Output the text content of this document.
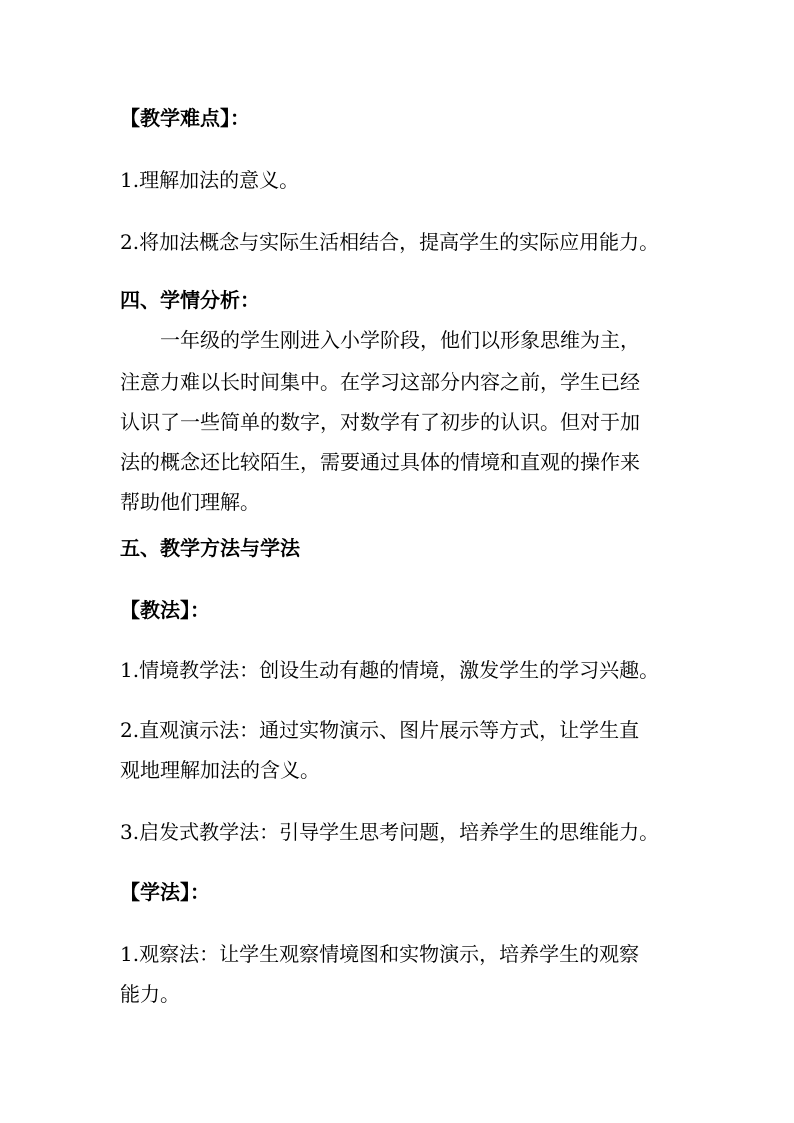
【教学难点】：
1.理解加法的意义。
2.将加法概念与实际生活相结合，提高学生的实际应用能力。
四、学情分析：
一年级的学生刚进入小学阶段，他们以形象思维为主，
注意力难以长时间集中。在学习这部分内容之前，学生已经
认识了一些简单的数字，对数学有了初步的认识。但对于加
法的概念还比较陌生，需要通过具体的情境和直观的操作来
帮助他们理解。
五、教学方法与学法
【教法】：
1.情境教学法：创设生动有趣的情境，激发学生的学习兴趣。
2.直观演示法：通过实物演示、图片展示等方式，让学生直
观地理解加法的含义。
3.启发式教学法：引导学生思考问题，培养学生的思维能力。
【学法】：
1.观察法：让学生观察情境图和实物演示，培养学生的观察
能力。
